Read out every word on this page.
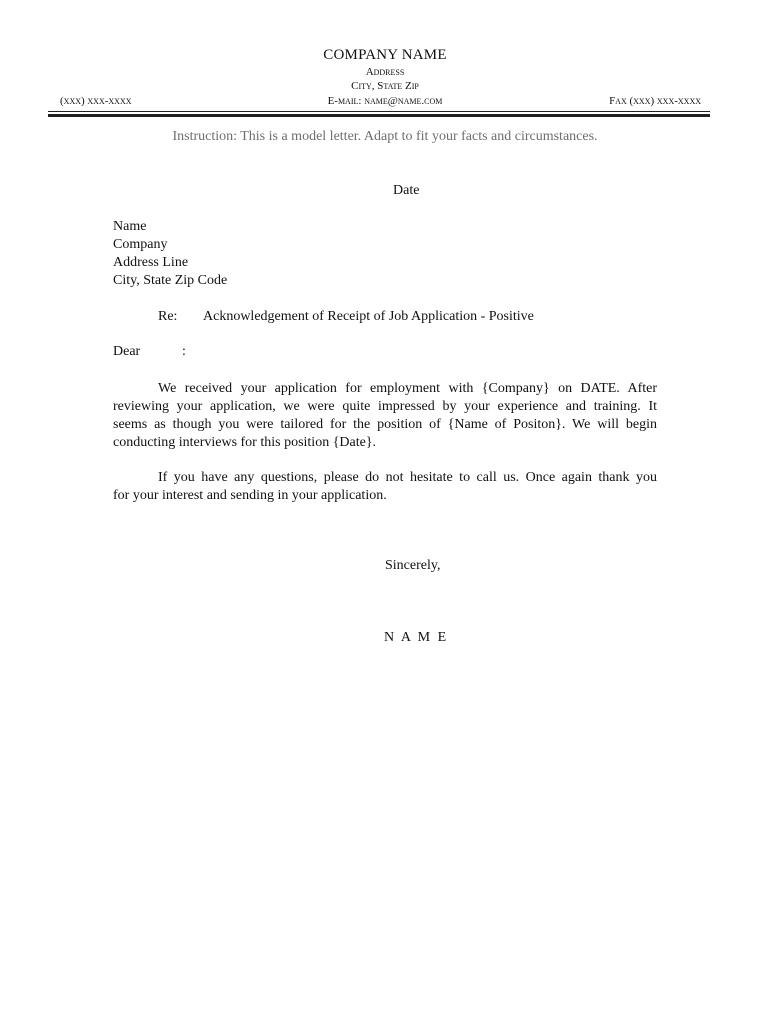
COMPANY NAME
Address
City, State Zip
E-mail: name@name.com
(xxx) xxx-xxxx	Fax (xxx) xxx-xxxx
Instruction: This is a model letter. Adapt to fit your facts and circumstances.
Date
Name
Company
Address Line
City, State Zip Code
Re: Acknowledgement of Receipt of Job Application - Positive
Dear	:
We received your application for employment with {Company} on DATE. After
reviewing your application, we were quite impressed by your experience and training. It
seems as though you were tailored for the position of {Name of Positon}. We will begin
conducting interviews for this position {Date}.
If you have any questions, please do not hesitate to call us. Once again thank you
for your interest and sending in your application.
Sincerely,
N A M E
